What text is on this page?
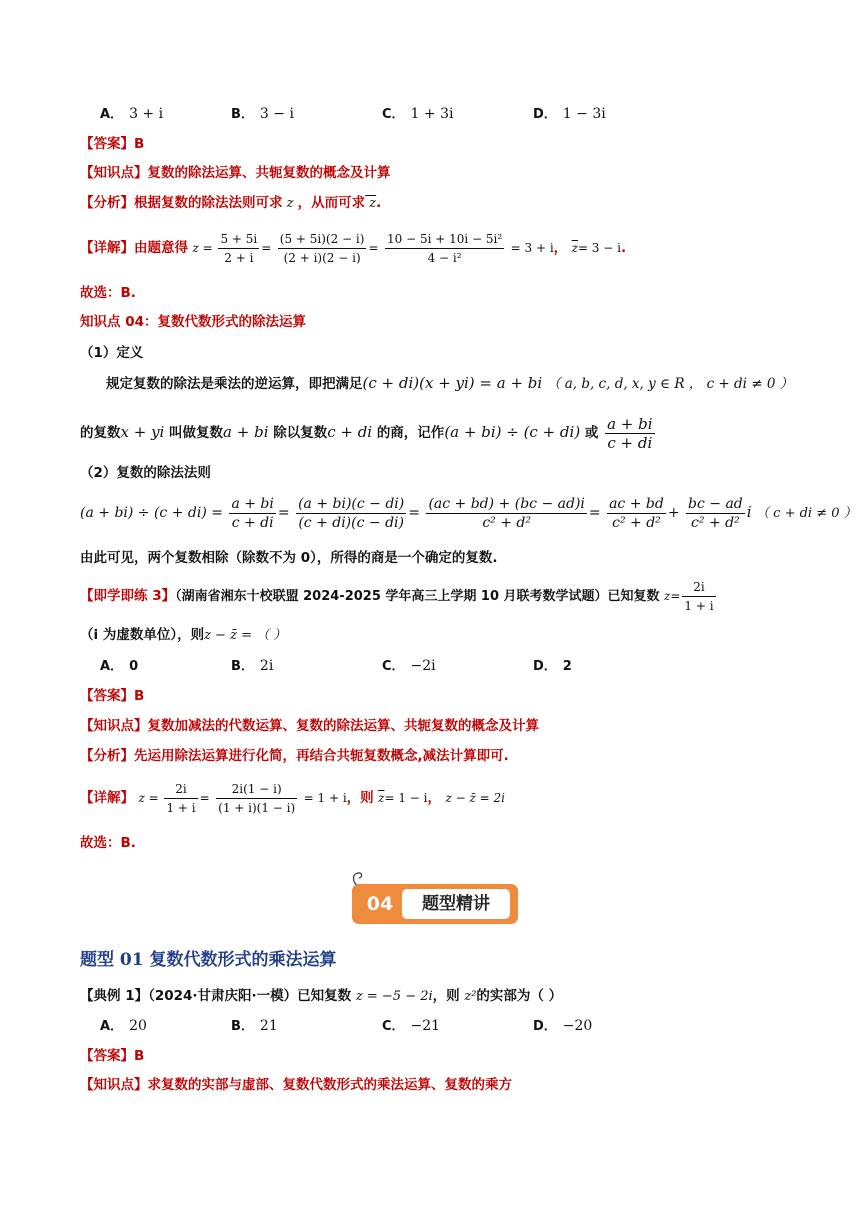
A． 3 + i	B． 3 − i	C． 1 + 3i	D． 1 − 3i
【答案】B
【知识点】复数的除法运算、共轭复数的概念及计算
【分析】根据复数的除法法则可求 z ，从而可求 z.
【详解】由题意得 $z = \frac{5 + 5i}{2 + i} = \frac{(5 + 5i)(2 - i)}{(2 + i)(2 - i)} = \frac{\text{10 − 5i + 10i − 5i²}}{\text{4 − i²}} = 3 + i$， $\overline{z}= 3 - i$.
故选：B.
知识点 04：复数代数形式的除法运算
（1）定义
规定复数的除法是乘法的逆运算，即把满足(c + di)(x + yi) = a + bi （ a, b, c, d, x, y ∈ R ， c + di ≠ 0 ）
的复数x + yi 叫做复数a + bi 除以复数c + di 的商，记作(a + bi) ÷ (c + di) 或 $\frac{a + bi}{c + di}$
（2）复数的除法法则
$(a + bi) \div (c + di) = \frac{a + bi}{c + di} = \frac{(a + bi)(c - di)}{(c + di)(c - di)} = \frac{(ac + bd) + (bc - ad)i}{\text{c² + d²}} = \frac{ac + bd}{\text{c² + d²}} + \frac{bc - ad}{\text{c² + d²}}$ i （ c + di ≠ 0 ）
由此可见，两个复数相除（除数不为 0），所得的商是一个确定的复数.
【即学即练 3】（湖南省湘东十校联盟 2024-2025 学年高三上学期 10 月联考数学试题）已知复数 $z= \frac{2i}{1 + i}$
（i 为虚数单位），则z − z̄ = （ ）
A． 0	B． 2i	C． −2i	D． 2
【答案】B
【知识点】复数加减法的代数运算、复数的除法运算、共轭复数的概念及计算
【分析】先运用除法运算进行化简，再结合共轭复数概念,减法计算即可.
【详解】 $z = \frac{2i}{1 + i} = \frac{2i(1 - i)}{(1 + i)(1 - i)} = 1 + i$，则 $\overline{z}= 1 - i$， z − z̄ = 2i
故选：B.
04	题型精讲
题型 01 复数代数形式的乘法运算
【典例 1】（2024·甘肃庆阳·一模）已知复数 z = −5 − 2i，则 z²的实部为（ ）
A． 20	B． 21	C． −21	D． −20
【答案】B
【知识点】求复数的实部与虚部、复数代数形式的乘法运算、复数的乘方
